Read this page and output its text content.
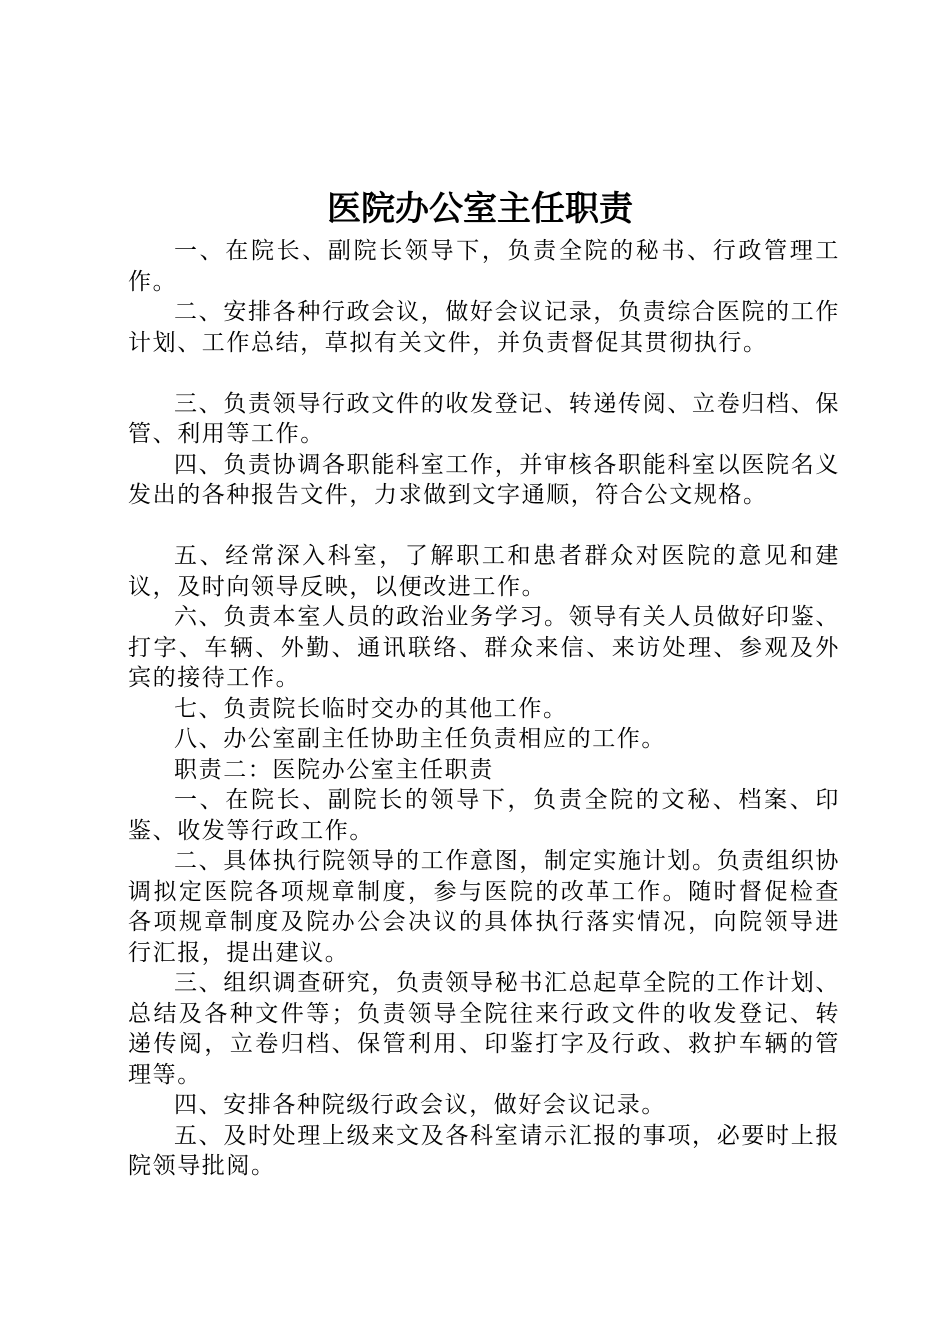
医院办公室主任职责

一、在院长、副院长领导下，负责全院的秘书、行政管理工作。

二、安排各种行政会议，做好会议记录，负责综合医院的工作计划、工作总结，草拟有关文件，并负责督促其贯彻执行。

三、负责领导行政文件的收发登记、转递传阅、立卷归档、保管、利用等工作。

四、负责协调各职能科室工作，并审核各职能科室以医院名义发出的各种报告文件，力求做到文字通顺，符合公文规格。

五、经常深入科室，了解职工和患者群众对医院的意见和建议，及时向领导反映，以便改进工作。

六、负责本室人员的政治业务学习。领导有关人员做好印鉴、打字、车辆、外勤、通讯联络、群众来信、来访处理、参观及外宾的接待工作。

七、负责院长临时交办的其他工作。

八、办公室副主任协助主任负责相应的工作。

职责二：医院办公室主任职责

一、在院长、副院长的领导下，负责全院的文秘、档案、印鉴、收发等行政工作。

二、具体执行院领导的工作意图，制定实施计划。负责组织协调拟定医院各项规章制度，参与医院的改革工作。随时督促检查各项规章制度及院办公会决议的具体执行落实情况，向院领导进行汇报，提出建议。

三、组织调查研究，负责领导秘书汇总起草全院的工作计划、总结及各种文件等；负责领导全院往来行政文件的收发登记、转递传阅，立卷归档、保管利用、印鉴打字及行政、救护车辆的管理等。

四、安排各种院级行政会议，做好会议记录。

五、及时处理上级来文及各科室请示汇报的事项，必要时上报院领导批阅。
